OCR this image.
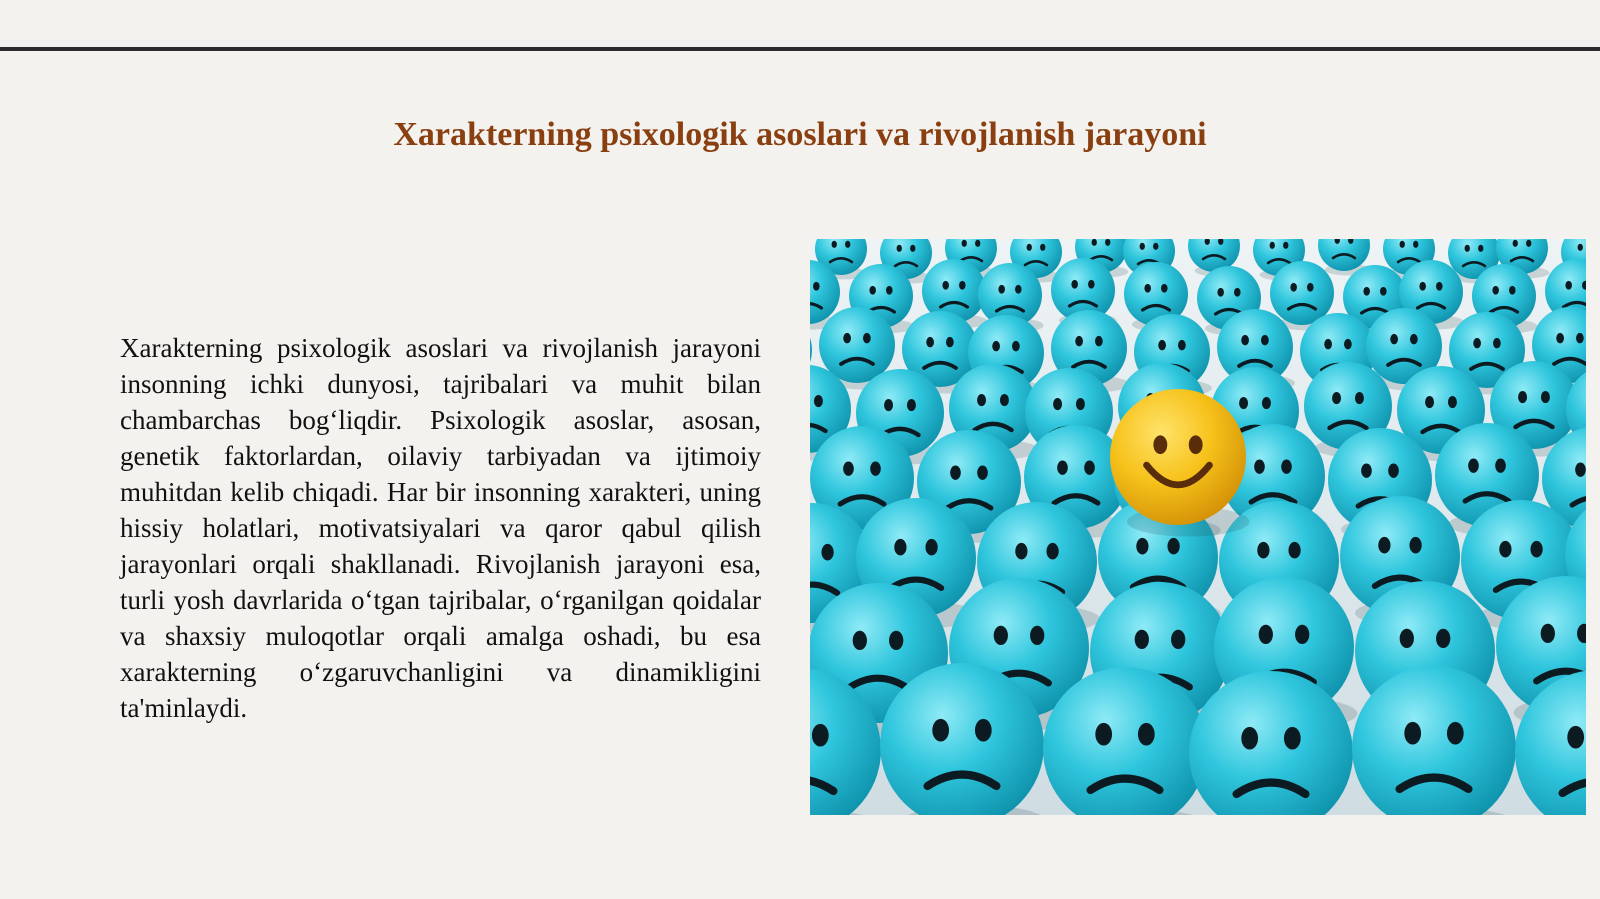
Xarakterning psixologik asoslari va rivojlanish jarayoni

Xarakterning psixologik asoslari va rivojlanish jarayoni insonning ichki dunyosi, tajribalari va muhit bilan chambarchas bog‘liqdir. Psixologik asoslar, asosan, genetik faktorlardan, oilaviy tarbiyadan va ijtimoiy muhitdan kelib chiqadi. Har bir insonning xarakteri, uning hissiy holatlari, motivatsiyalari va qaror qabul qilish jarayonlari orqali shakllanadi. Rivojlanish jarayoni esa, turli yosh davrlarida o‘tgan tajribalar, o‘rganilgan qoidalar va shaxsiy muloqotlar orqali amalga oshadi, bu esa xarakterning o‘zgaruvchanligini va dinamikligini ta'minlaydi.
